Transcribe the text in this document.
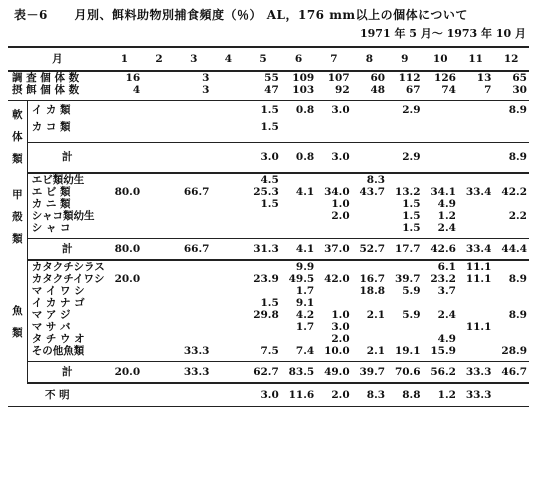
表－6 月別、餌料助物別捕食頻度（％） AL，176 mm以上の個体について
1971 年 5 月～ 1973 年 10 月
月		1	2	3	4	5	6	7	8	9	10	11	12
調 査 個 体 数		16		3		55	109	107	60	112	126	13	65
摂 餌 個 体 数		4		3		47	103	92	48	67	74	7	30

軟
体
類	イ カ 類					1.5	0.8	3.0		2.9			8.9
	カ コ 類					1.5							

	計					3.0	0.8	3.0		2.9			8.9

甲
殻
類	エビ類幼生					4.5			8.3				
	エ ビ 類	80.0		66.7		25.3	4.1	34.0	43.7	13.2	34.1	33.4	42.2
	カ ニ 類					1.5		1.0		1.5	4.9		
	シャコ類幼生							2.0		1.5	1.2		2.2
	シ ャ コ									1.5	2.4		

	計	80.0		66.7		31.3	4.1	37.0	52.7	17.7	42.6	33.4	44.4

魚
類	カタクチシラス						9.9				6.1	11.1	
	カタクチイワシ	20.0				23.9	49.5	42.0	16.7	39.7	23.2	11.1	8.9
	マ イ ワ シ						1.7		18.8	5.9	3.7		
	イ カ ナ ゴ					1.5	9.1						
	マ ア ジ					29.8	4.2	1.0	2.1	5.9	2.4		8.9
	マ サ バ						1.7	3.0				11.1	
	タ チ ウ オ							2.0			4.9		
	その他魚類			33.3		7.5	7.4	10.0	2.1	19.1	15.9		28.9

	計	20.0		33.3		62.7	83.5	49.0	39.7	70.6	56.2	33.3	46.7
不 明						3.0	11.6	2.0	8.3	8.8	1.2	33.3	
